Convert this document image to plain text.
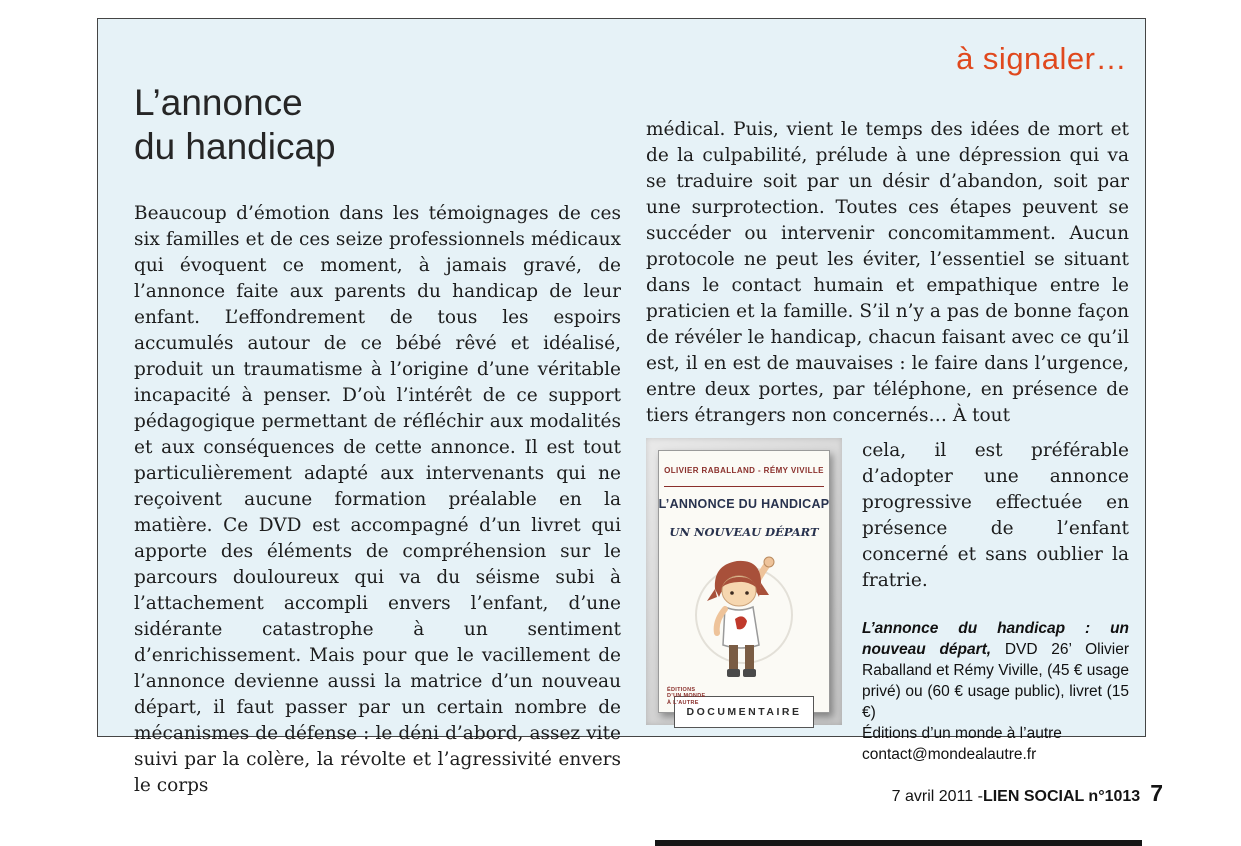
à signaler…
L’annonce
du handicap

Beaucoup d’émotion dans les témoignages de ces six familles et de ces seize professionnels médicaux qui évoquent ce moment, à jamais gravé, de l’annonce faite aux parents du handicap de leur enfant. L’effondrement de tous les espoirs accumulés autour de ce bébé rêvé et idéalisé, produit un traumatisme à l’origine d’une véritable incapacité à penser. D’où l’intérêt de ce support pédagogique permettant de réfléchir aux modalités et aux conséquences de cette annonce. Il est tout particulièrement adapté aux intervenants qui ne reçoivent aucune formation préalable en la matière. Ce DVD est accompagné d’un livret qui apporte des éléments de compréhension sur le parcours douloureux qui va du séisme subi à l’attachement accompli envers l’enfant, d’une sidérante catastrophe à un sentiment d’enrichissement. Mais pour que le vacillement de l’annonce devienne aussi la matrice d’un nouveau départ, il faut passer par un certain nombre de mécanismes de défense : le déni d’abord, assez vite suivi par la colère, la révolte et l’agressivité envers le corps

médical. Puis, vient le temps des idées de mort et de la culpabilité, prélude à une dépression qui va se traduire soit par un désir d’abandon, soit par une surprotection. Toutes ces étapes peuvent se succéder ou intervenir concomitamment. Aucun protocole ne peut les éviter, l’essentiel se situant dans le contact humain et empathique entre le praticien et la famille. S’il n’y a pas de bonne façon de révéler le handicap, chacun faisant avec ce qu’il est, il en est de mauvaises : le faire dans l’urgence, entre deux portes, par téléphone, en présence de tiers étrangers non concernés… À tout

OLIVIER RABALLAND - RÉMY VIVILLE
L’ANNONCE DU HANDICAP
UN NOUVEAU DÉPART
DOCUMENTAIRE
ÉDITIONS
D’UN MONDE
À L’AUTRE

cela, il est préférable d’adopter une annonce progressive effectuée en présence de l’enfant concerné et sans oublier la fratrie.

L’annonce du handicap : un nouveau départ, DVD 26’ Olivier Raballand et Rémy Viville, (45 € usage privé) ou (60 € usage public), livret (15 €)
Éditions d’un monde à l’autre
contact@mondealautre.fr
7 avril 2011 - LIEN SOCIAL n°1013 7
